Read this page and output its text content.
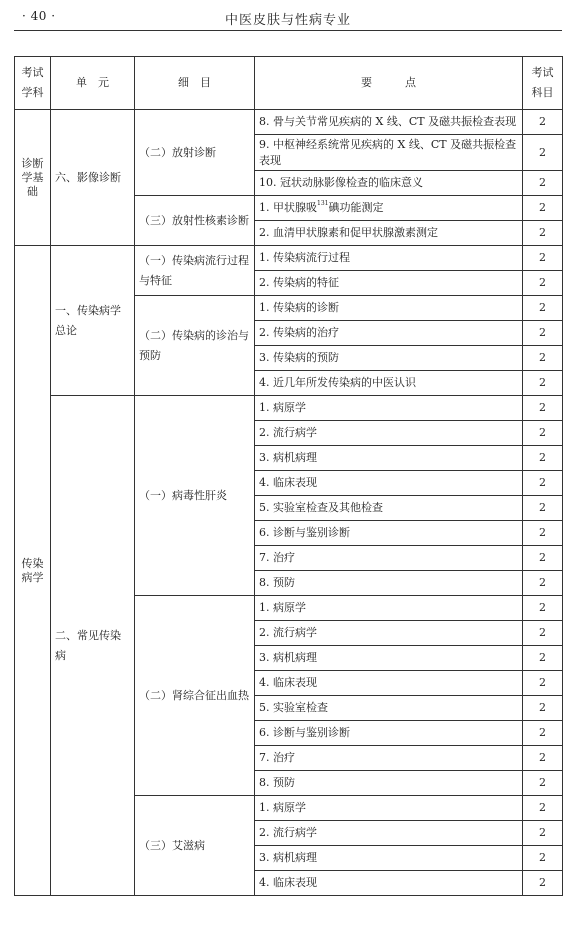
· 40 ·	中医皮肤与性病专业
考试学科	单　元	细　目	要　　　点	考试科目
诊断学基础	六、影像诊断	（二）放射诊断	8. 骨与关节常见疾病的 X 线、CT 及磁共振检查表现	2
			9. 中枢神经系统常见疾病的 X 线、CT 及磁共振检查表现	2
			10. 冠状动脉影像检查的临床意义	2
		（三）放射性核素诊断	1. 甲状腺吸$^{131}$碘功能测定	2
			2. 血清甲状腺素和促甲状腺激素测定	2
传染病学	一、传染病学总论	（一）传染病流行过程与特征	1. 传染病流行过程	2
			2. 传染病的特征	2
		（二）传染病的诊治与预防	1. 传染病的诊断	2
			2. 传染病的治疗	2
			3. 传染病的预防	2
			4. 近几年所发传染病的中医认识	2
	二、常见传染病	（一）病毒性肝炎	1. 病原学	2
			2. 流行病学	2
			3. 病机病理	2
			4. 临床表现	2
			5. 实验室检查及其他检查	2
			6. 诊断与鉴别诊断	2
			7. 治疗	2
			8. 预防	2
		（二）肾综合征出血热	1. 病原学	2
			2. 流行病学	2
			3. 病机病理	2
			4. 临床表现	2
			5. 实验室检查	2
			6. 诊断与鉴别诊断	2
			7. 治疗	2
			8. 预防	2
		（三）艾滋病	1. 病原学	2
			2. 流行病学	2
			3. 病机病理	2
			4. 临床表现	2
